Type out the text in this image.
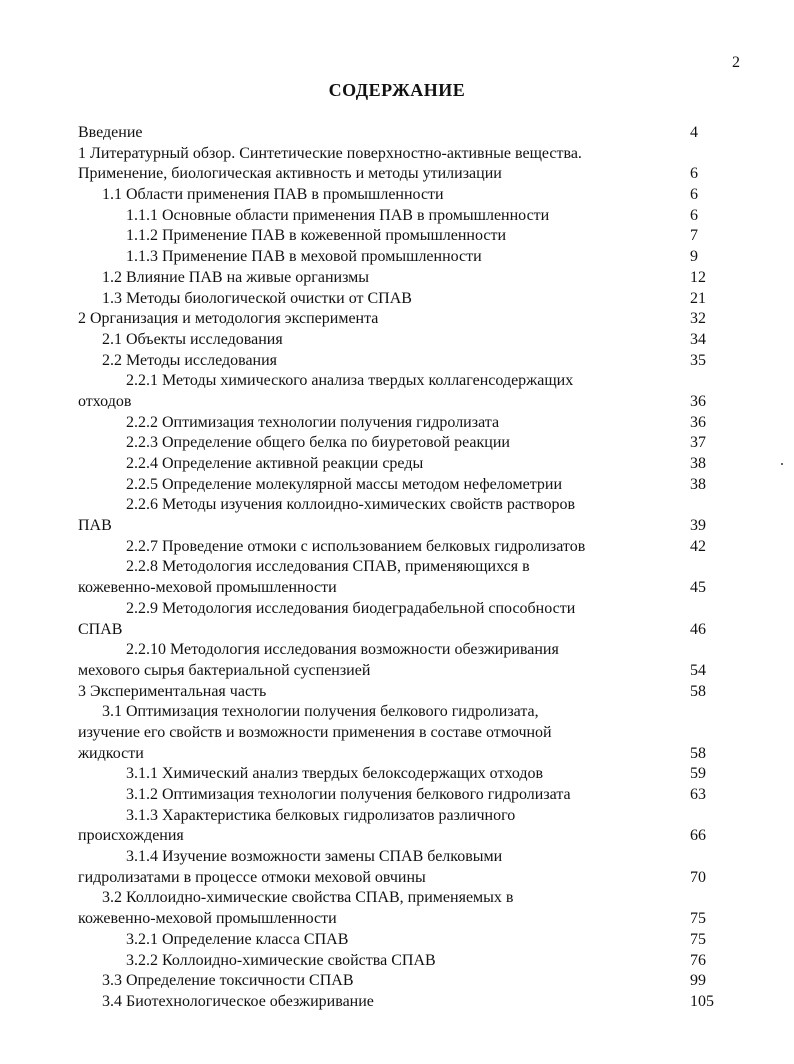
2
СОДЕРЖАНИЕ
Введение	4
1 Литературный обзор. Синтетические поверхностно-активные вещества.
Применение, биологическая активность и методы утилизации	6
1.1 Области применения ПАВ в промышленности	6
1.1.1 Основные области применения ПАВ в промышленности	6
1.1.2 Применение ПАВ в кожевенной промышленности	7
1.1.3 Применение ПАВ в меховой промышленности	9
1.2 Влияние ПАВ на живые организмы	12
1.3 Методы биологической очистки от СПАВ	21
2 Организация и методология эксперимента	32
2.1 Объекты исследования	34
2.2 Методы исследования	35
2.2.1 Методы химического анализа твердых коллагенсодержащих
отходов	36
2.2.2 Оптимизация технологии получения гидролизата	36
2.2.3 Определение общего белка по биуретовой реакции	37
2.2.4 Определение активной реакции среды	38
2.2.5 Определение молекулярной массы методом нефелометрии	38
2.2.6 Методы изучения коллоидно-химических свойств растворов
ПАВ	39
2.2.7 Проведение отмоки с использованием белковых гидролизатов	42
2.2.8 Методология исследования СПАВ, применяющихся в
кожевенно-меховой промышленности	45
2.2.9 Методология исследования биодеградабельной способности
СПАВ	46
2.2.10 Методология исследования возможности обезжиривания
мехового сырья бактериальной суспензией	54
3 Экспериментальная часть	58
3.1 Оптимизация технологии получения белкового гидролизата,
изучение его свойств и возможности применения в составе отмочной
жидкости	58
3.1.1 Химический анализ твердых белоксодержащих отходов	59
3.1.2 Оптимизация технологии получения белкового гидролизата	63
3.1.3 Характеристика белковых гидролизатов различного
происхождения	66
3.1.4 Изучение возможности замены СПАВ белковыми
гидролизатами в процессе отмоки меховой овчины	70
3.2 Коллоидно-химические свойства СПАВ, применяемых в
кожевенно-меховой промышленности	75
3.2.1 Определение класса СПАВ	75
3.2.2 Коллоидно-химические свойства СПАВ	76
3.3 Определение токсичности СПАВ	99
3.4 Биотехнологическое обезжиривание	105
